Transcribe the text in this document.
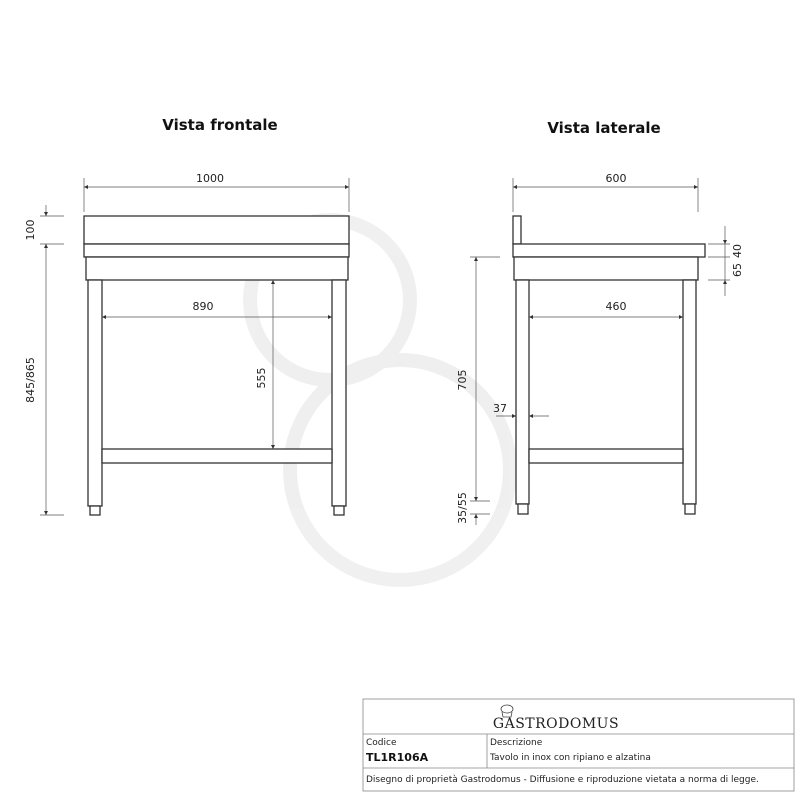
Vista frontale	Vista laterale
1000
100
845/865
890
555
600
40
65
705
35/55
460
37
GASTRODOMUS
Codice
TL1R106A
Descrizione
Tavolo in inox con ripiano e alzatina
Disegno di proprietà Gastrodomus - Diffusione e riproduzione vietata a norma di legge.
